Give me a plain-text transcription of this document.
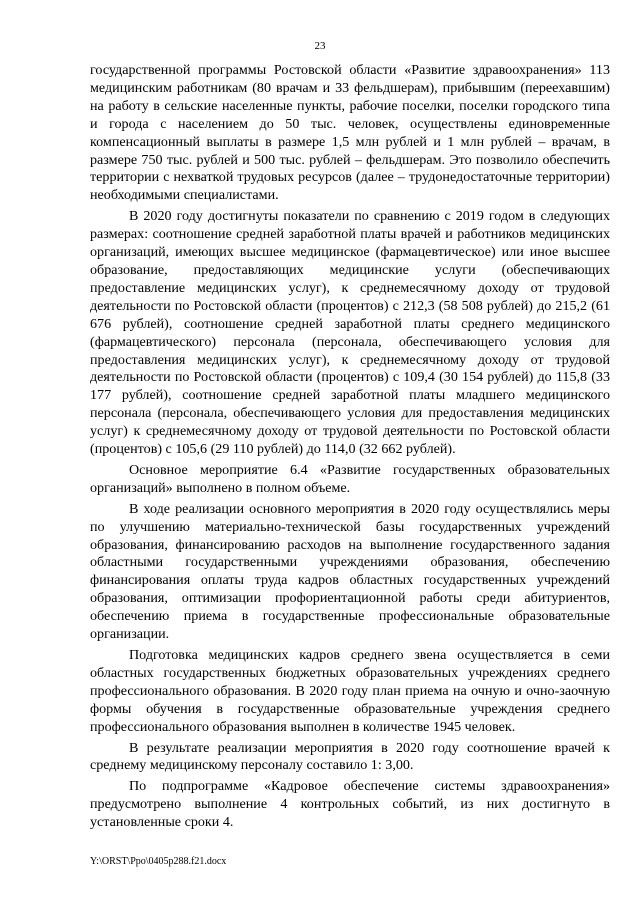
23

государственной программы Ростовской области «Развитие здравоохранения» 113 медицинским работникам (80 врачам и 33 фельдшерам), прибывшим (переехавшим) на работу в сельские населенные пункты, рабочие поселки, поселки городского типа и города с населением до 50 тыс. человек, осуществлены единовременные компенсационный выплаты в размере 1,5 млн рублей и 1 млн рублей – врачам, в размере 750 тыс. рублей и 500 тыс. рублей – фельдшерам. Это позволило обеспечить территории с нехваткой трудовых ресурсов (далее – трудонедостаточные территории) необходимыми специалистами.

В 2020 году достигнуты показатели по сравнению с 2019 годом в следующих размерах: соотношение средней заработной платы врачей и работников медицинских организаций, имеющих высшее медицинское (фармацевтическое) или иное высшее образование, предоставляющих медицинские услуги (обеспечивающих предоставление медицинских услуг), к среднемесячному доходу от трудовой деятельности по Ростовской области (процентов) с 212,3 (58 508 рублей) до 215,2 (61 676 рублей), соотношение средней заработной платы среднего медицинского (фармацевтического) персонала (персонала, обеспечивающего условия для предоставления медицинских услуг), к среднемесячному доходу от трудовой деятельности по Ростовской области (процентов) с 109,4 (30 154 рублей) до 115,8 (33 177 рублей), соотношение средней заработной платы младшего медицинского персонала (персонала, обеспечивающего условия для предоставления медицинских услуг) к среднемесячному доходу от трудовой деятельности по Ростовской области (процентов) с 105,6 (29 110 рублей) до 114,0 (32 662 рублей).

Основное мероприятие 6.4 «Развитие государственных образовательных организаций» выполнено в полном объеме.

В ходе реализации основного мероприятия в 2020 году осуществлялись меры по улучшению материально-технической базы государственных учреждений образования, финансированию расходов на выполнение государственного задания областными государственными учреждениями образования, обеспечению финансирования оплаты труда кадров областных государственных учреждений образования, оптимизации профориентационной работы среди абитуриентов, обеспечению приема в государственные профессиональные образовательные организации.

Подготовка медицинских кадров среднего звена осуществляется в семи областных государственных бюджетных образовательных учреждениях среднего профессионального образования. В 2020 году план приема на очную и очно-заочную формы обучения в государственные образовательные учреждения среднего профессионального образования выполнен в количестве 1945 человек.

В результате реализации мероприятия в 2020 году соотношение врачей к среднему медицинскому персоналу составило 1: 3,00.

По подпрограмме «Кадровое обеспечение системы здравоохранения» предусмотрено выполнение 4 контрольных событий, из них достигнуто в установленные сроки 4.

Y:\ORST\Ppo\0405p288.f21.docx
